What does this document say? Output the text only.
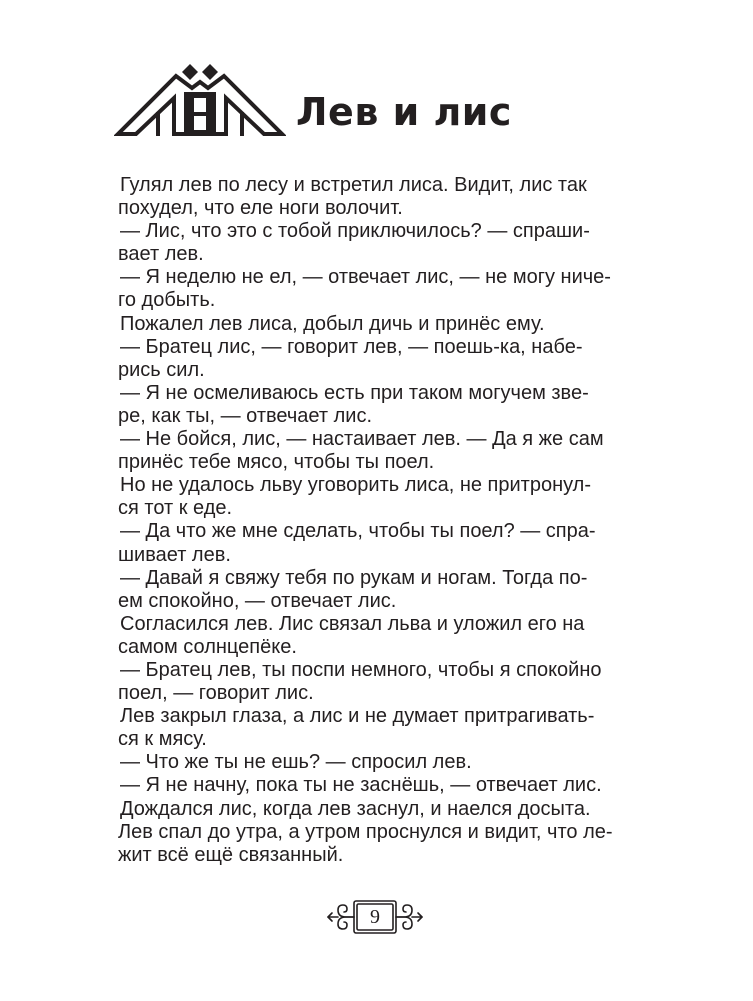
Лев и лис
Гулял лев по лесу и встретил лиса. Видит, лис так
похудел, что еле ноги волочит.
— Лис, что это с тобой приключилось? — спраши-
вает лев.
— Я неделю не ел, — отвечает лис, — не могу ниче-
го добыть.
Пожалел лев лиса, добыл дичь и принёс ему.
— Братец лис, — говорит лев, — поешь-ка, набе-
рись сил.
— Я не осмеливаюсь есть при таком могучем зве-
ре, как ты, — отвечает лис.
— Не бойся, лис, — настаивает лев. — Да я же сам
принёс тебе мясо, чтобы ты поел.
Но не удалось льву уговорить лиса, не притронул-
ся тот к еде.
— Да что же мне сделать, чтобы ты поел? — спра-
шивает лев.
— Давай я свяжу тебя по рукам и ногам. Тогда по-
ем спокойно, — отвечает лис.
Согласился лев. Лис связал льва и уложил его на
самом солнцепёке.
— Братец лев, ты поспи немного, чтобы я спокойно
поел, — говорит лис.
Лев закрыл глаза, а лис и не думает притрагивать-
ся к мясу.
— Что же ты не ешь? — спросил лев.
— Я не начну, пока ты не заснёшь, — отвечает лис.
Дождался лис, когда лев заснул, и наелся досыта.
Лев спал до утра, а утром проснулся и видит, что ле-
жит всё ещё связанный.
9
